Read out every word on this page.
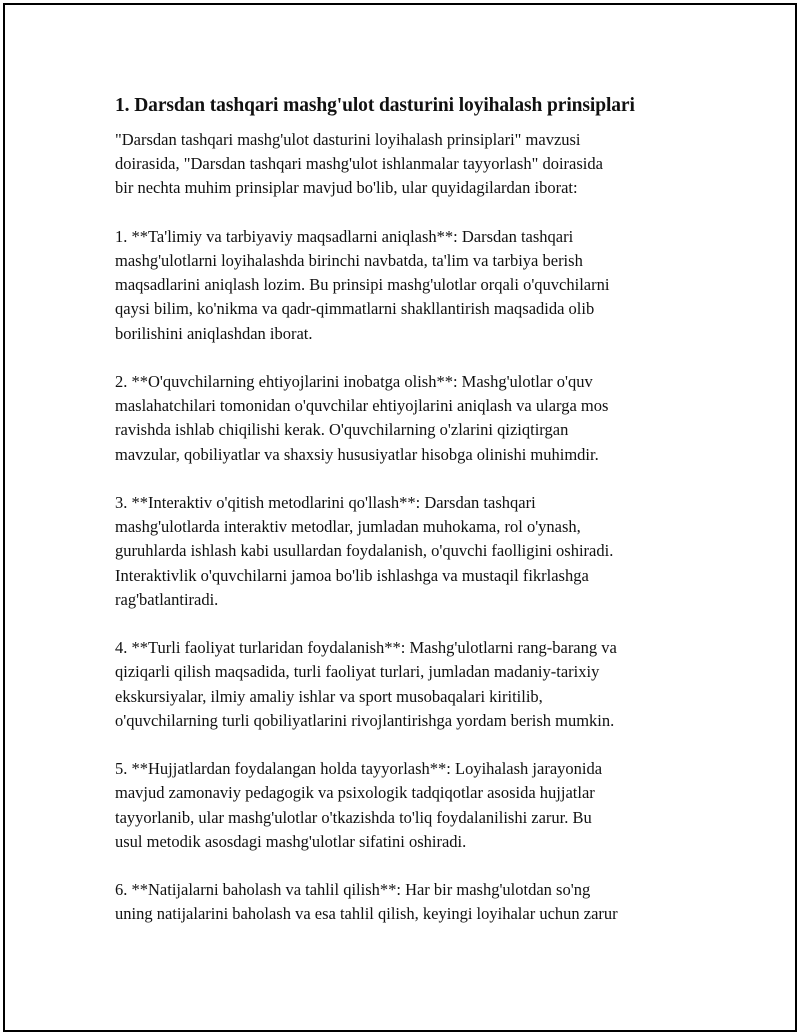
1. Darsdan tashqari mashg'ulot dasturini loyihalash prinsiplari
"Darsdan tashqari mashg'ulot dasturini loyihalash prinsiplari" mavzusi
doirasida, "Darsdan tashqari mashg'ulot ishlanmalar tayyorlash" doirasida
bir nechta muhim prinsiplar mavjud bo'lib, ular quyidagilardan iborat:
1. **Ta'limiy va tarbiyaviy maqsadlarni aniqlash**: Darsdan tashqari
mashg'ulotlarni loyihalashda birinchi navbatda, ta'lim va tarbiya berish
maqsadlarini aniqlash lozim. Bu prinsipi mashg'ulotlar orqali o'quvchilarni
qaysi bilim, ko'nikma va qadr-qimmatlarni shakllantirish maqsadida olib
borilishini aniqlashdan iborat.
2. **O'quvchilarning ehtiyojlarini inobatga olish**: Mashg'ulotlar o'quv
maslahatchilari tomonidan o'quvchilar ehtiyojlarini aniqlash va ularga mos
ravishda ishlab chiqilishi kerak. O'quvchilarning o'zlarini qiziqtirgan
mavzular, qobiliyatlar va shaxsiy hususiyatlar hisobga olinishi muhimdir.
3. **Interaktiv o'qitish metodlarini qo'llash**: Darsdan tashqari
mashg'ulotlarda interaktiv metodlar, jumladan muhokama, rol o'ynash,
guruhlarda ishlash kabi usullardan foydalanish, o'quvchi faolligini oshiradi.
Interaktivlik o'quvchilarni jamoa bo'lib ishlashga va mustaqil fikrlashga
rag'batlantiradi.
4. **Turli faoliyat turlaridan foydalanish**: Mashg'ulotlarni rang-barang va
qiziqarli qilish maqsadida, turli faoliyat turlari, jumladan madaniy-tarixiy
ekskursiyalar, ilmiy amaliy ishlar va sport musobaqalari kiritilib,
o'quvchilarning turli qobiliyatlarini rivojlantirishga yordam berish mumkin.
5. **Hujjatlardan foydalangan holda tayyorlash**: Loyihalash jarayonida
mavjud zamonaviy pedagogik va psixologik tadqiqotlar asosida hujjatlar
tayyorlanib, ular mashg'ulotlar o'tkazishda to'liq foydalanilishi zarur. Bu
usul metodik asosdagi mashg'ulotlar sifatini oshiradi.
6. **Natijalarni baholash va tahlil qilish**: Har bir mashg'ulotdan so'ng
uning natijalarini baholash va esa tahlil qilish, keyingi loyihalar uchun zarur
